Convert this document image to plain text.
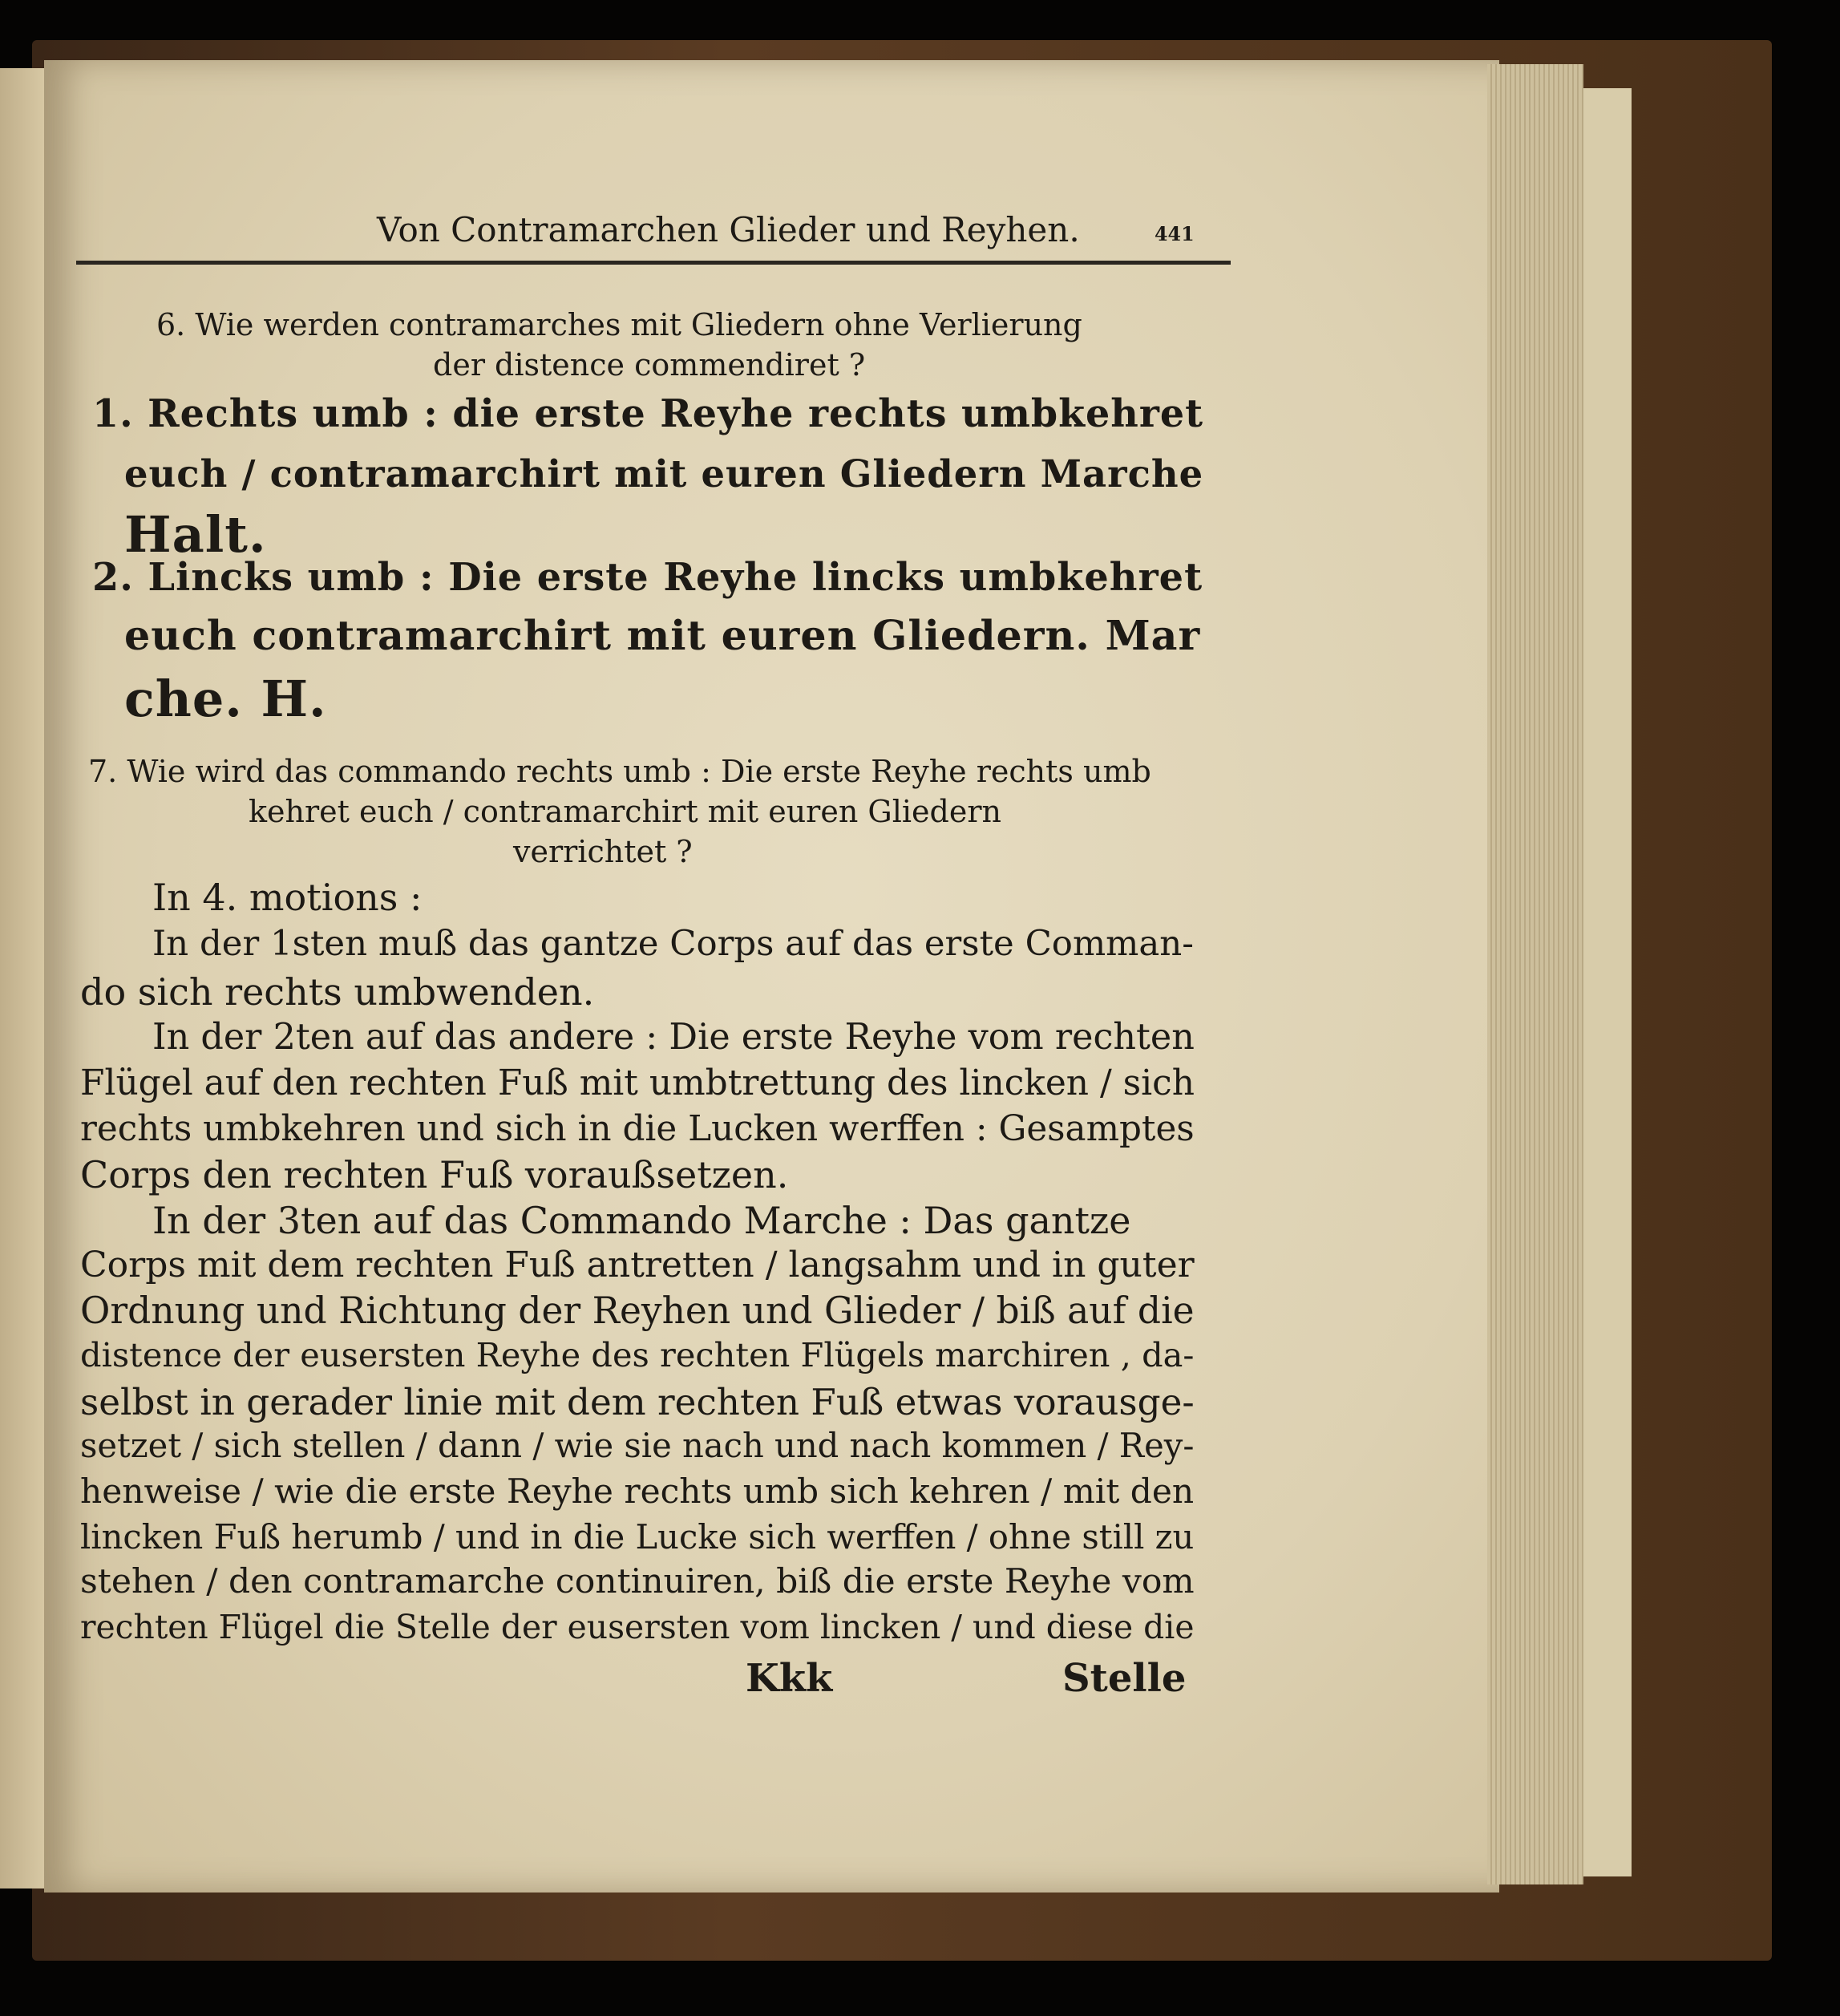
Von Contramarchen Glieder und Reyhen.	441
6. Wie werden contramarches mit Gliedern ohne Verlierung
der distence commendiret ?
1. Rechts umb : die erste Reyhe rechts umbkehret
euch / contramarchirt mit euren Gliedern Marche
Halt.
2. Lincks umb : Die erste Reyhe lincks umbkehret
euch contramarchirt mit euren Gliedern. Mar
che. H.
7. Wie wird das commando rechts umb : Die erste Reyhe rechts umb
kehret euch / contramarchirt mit euren Gliedern
verrichtet ?
In 4. motions :
In der 1sten muß das gantze Corps auf das erste Comman-
do sich rechts umbwenden.
In der 2ten auf das andere : Die erste Reyhe vom rechten
Flügel auf den rechten Fuß mit umbtrettung des lincken / sich
rechts umbkehren und sich in die Lucken werffen : Gesamptes
Corps den rechten Fuß voraußsetzen.
In der 3ten auf das Commando Marche : Das gantze
Corps mit dem rechten Fuß antretten / langsahm und in guter
Ordnung und Richtung der Reyhen und Glieder / biß auf die
distence der eusersten Reyhe des rechten Flügels marchiren , da-
selbst in gerader linie mit dem rechten Fuß etwas vorausge-
setzet / sich stellen / dann / wie sie nach und nach kommen / Rey-
henweise / wie die erste Reyhe rechts umb sich kehren / mit den
lincken Fuß herumb / und in die Lucke sich werffen / ohne still zu
stehen / den contramarche continuiren, biß die erste Reyhe vom
rechten Flügel die Stelle der eusersten vom lincken / und diese die
Kkk	Stelle
